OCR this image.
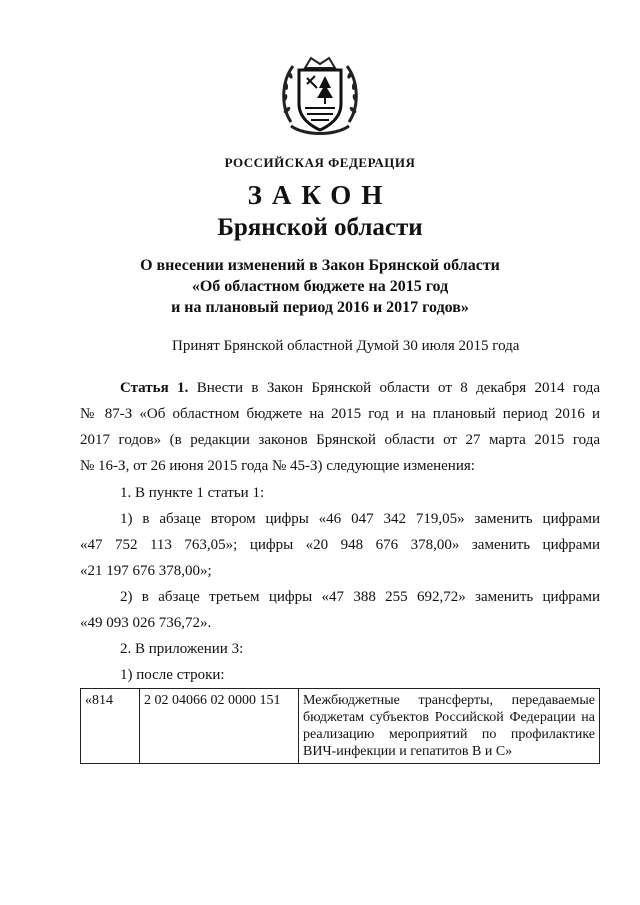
РОССИЙСКАЯ ФЕДЕРАЦИЯ
ЗАКОН
Брянской области
О внесении изменений в Закон Брянской области
«Об областном бюджете на 2015 год
и на плановый период 2016 и 2017 годов»
Принят Брянской областной Думой 30 июля 2015 года
Статья 1. Внести в Закон Брянской области от 8 декабря 2014 года
№ 87-З «Об областном бюджете на 2015 год и на плановый период 2016 и
2017 годов» (в редакции законов Брянской области от 27 марта 2015 года
№ 16-З, от 26 июня 2015 года № 45-З) следующие изменения:
1. В пункте 1 статьи 1:
1) в абзаце втором цифры «46 047 342 719,05» заменить цифрами
«47 752 113 763,05»; цифры «20 948 676 378,00» заменить цифрами
«21 197 676 378,00»;
2) в абзаце третьем цифры «47 388 255 692,72» заменить цифрами
«49 093 026 736,72».
2. В приложении 3:
1) после строки:
«814	2 02 04066 02 0000 151	Межбюджетные трансферты, передаваемые бюджетам субъектов Российской Федерации на реализацию мероприятий по профилактике ВИЧ-инфекции и гепатитов В и С»
